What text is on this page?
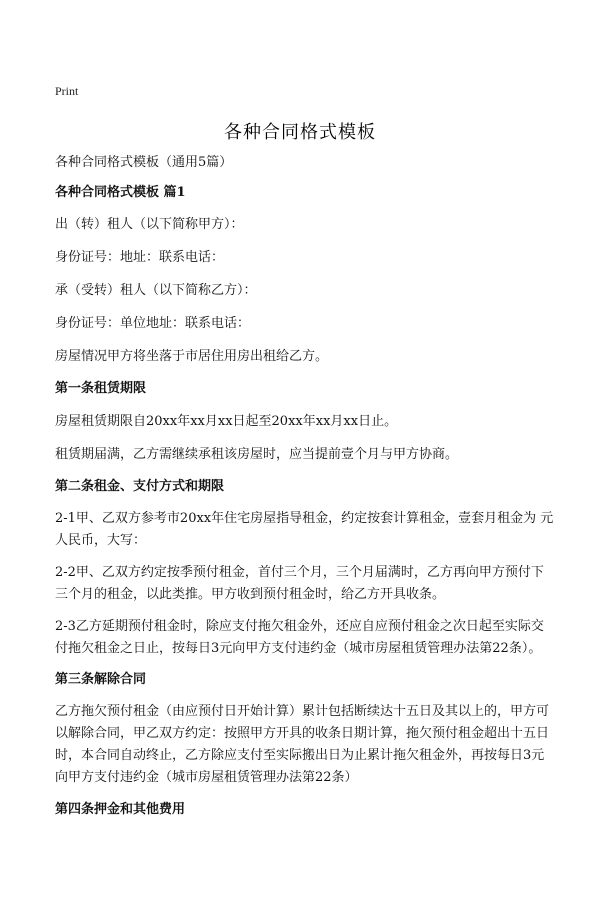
Print
各种合同格式模板

各种合同格式模板（通用5篇）

各种合同格式模板 篇1

出（转）租人（以下简称甲方）：

身份证号：地址：联系电话：

承（受转）租人（以下简称乙方）：

身份证号：单位地址：联系电话：

房屋情况甲方将坐落于市居住用房出租给乙方。

第一条租赁期限

房屋租赁期限自20xx年xx月xx日起至20xx年xx月xx日止。

租赁期届满，乙方需继续承租该房屋时，应当提前壹个月与甲方协商。

第二条租金、支付方式和期限

2-1甲、乙双方参考市20xx年住宅房屋指导租金，约定按套计算租金，壹套月租金为 元人民币，大写：

2-2甲、乙双方约定按季预付租金，首付三个月，三个月届满时，乙方再向甲方预付下三个月的租金，以此类推。甲方收到预付租金时，给乙方开具收条。

2-3乙方延期预付租金时，除应支付拖欠租金外，还应自应预付租金之次日起至实际交付拖欠租金之日止，按每日3元向甲方支付违约金（城市房屋租赁管理办法第22条）。

第三条解除合同

乙方拖欠预付租金（由应预付日开始计算）累计包括断续达十五日及其以上的，甲方可以解除合同，甲乙双方约定：按照甲方开具的收条日期计算，拖欠预付租金超出十五日时，本合同自动终止，乙方除应支付至实际搬出日为止累计拖欠租金外，再按每日3元向甲方支付违约金（城市房屋租赁管理办法第22条）

第四条押金和其他费用
